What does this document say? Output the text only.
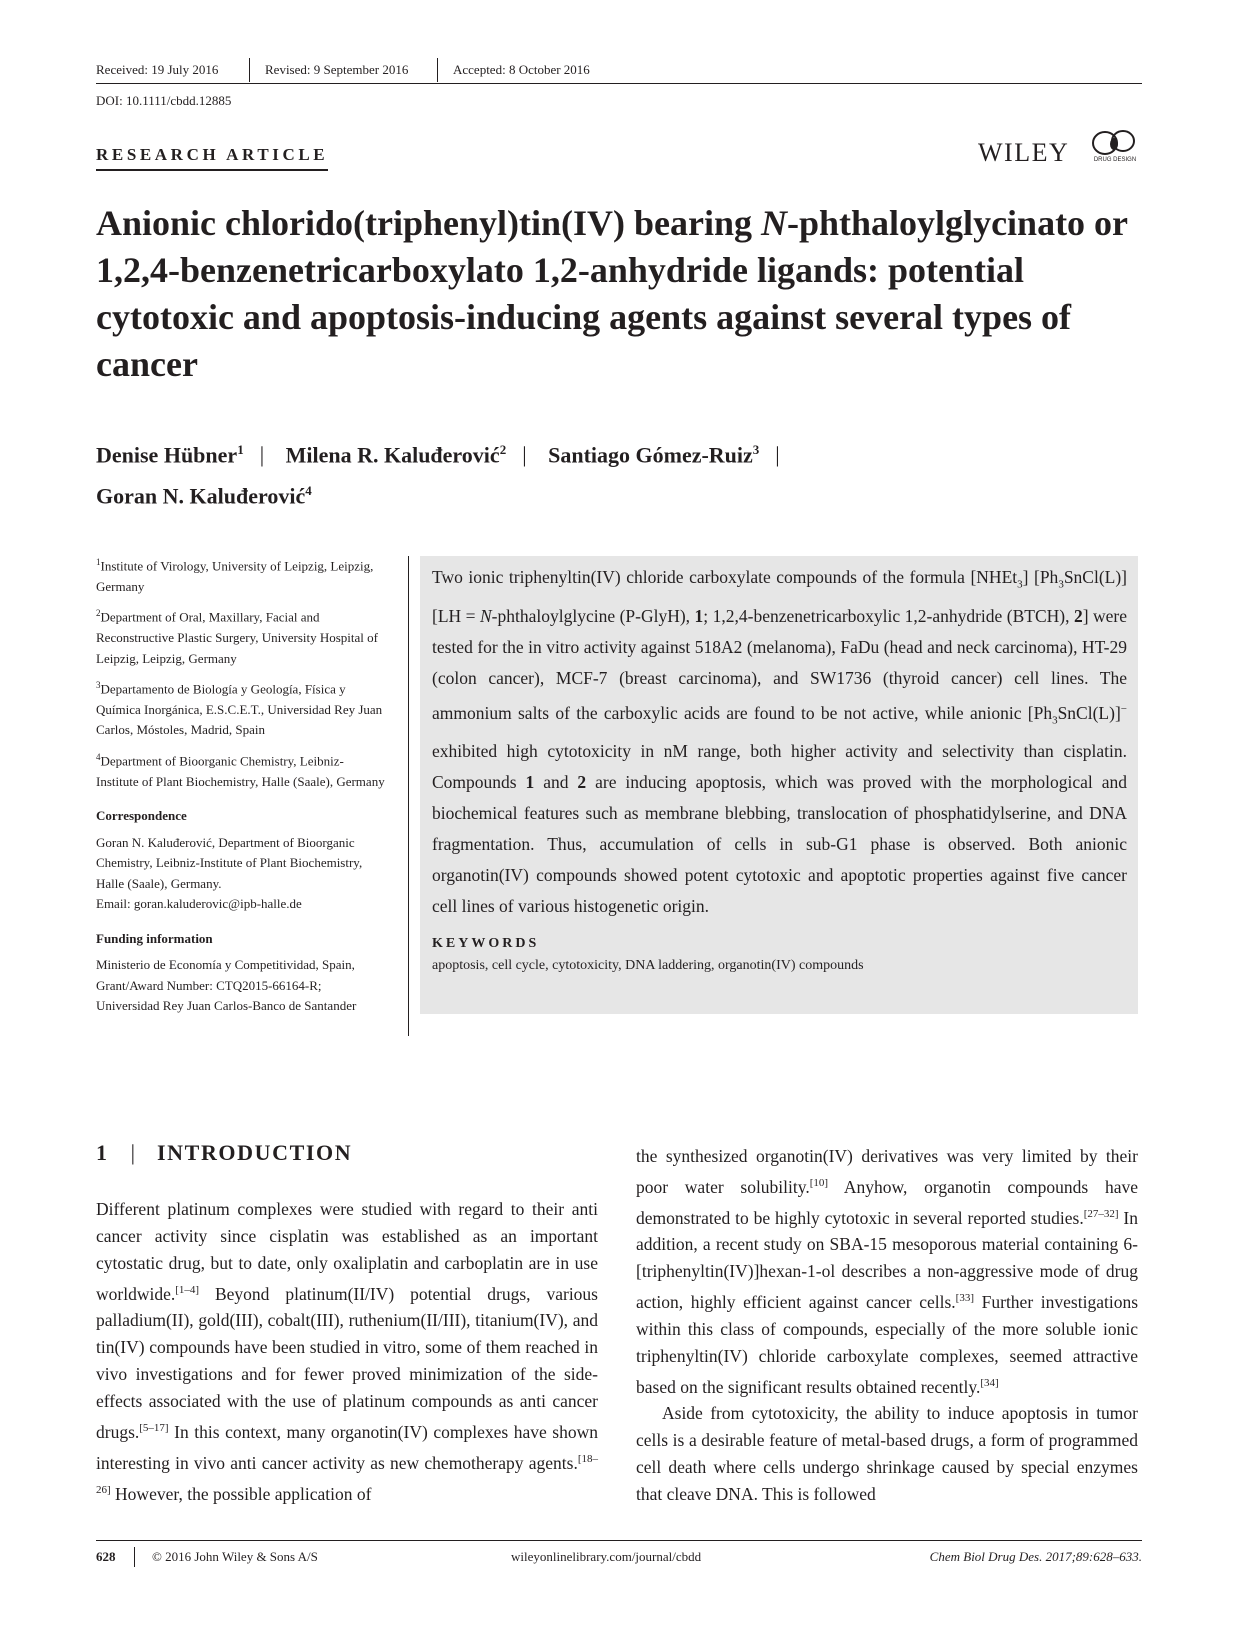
Received: 19 July 2016	Revised: 9 September 2016	Accepted: 8 October 2016
DOI: 10.1111/cbdd.12885
RESEARCH ARTICLE	WILEY	DRUG DESIGN
Anionic chlorido(triphenyl)tin(IV) bearing N-phthaloylglycinato or 1,2,4-benzenetricarboxylato 1,2-anhydride ligands: potential cytotoxic and apoptosis-inducing agents against several types of cancer
Denise Hübner$^1$ | Milena R. Kaluđerović$^2$ | Santiago Gómez-Ruiz$^3$ |
Goran N. Kaluđerović$^4$

$^1$Institute of Virology, University of Leipzig, Leipzig, Germany

$^2$Department of Oral, Maxillary, Facial and Reconstructive Plastic Surgery, University Hospital of Leipzig, Leipzig, Germany

$^3$Departamento de Biología y Geología, Física y Química Inorgánica, E.S.C.E.T., Universidad Rey Juan Carlos, Móstoles, Madrid, Spain

$^4$Department of Bioorganic Chemistry, Leibniz-Institute of Plant Biochemistry, Halle (Saale), Germany

Correspondence

Goran N. Kaluđerović, Department of Bioorganic Chemistry, Leibniz-Institute of Plant Biochemistry, Halle (Saale), Germany.

Email: goran.kaluderovic@ipb-halle.de

Funding information

Ministerio de Economía y Competitividad, Spain, Grant/Award Number: CTQ2015-66164-R; Universidad Rey Juan Carlos-Banco de Santander

Two ionic triphenyltin(IV) chloride carboxylate compounds of the formula [NHEt$_3$] $[Ph_3SnCl(L)] [LH$ = N-phthaloylglycine (P-GlyH), 1; 1,2,4-benzenetricarboxylic 1,2-anhydride (BTCH), 2] were tested for the in vitro activity against 518A2 (melanoma), FaDu (head and neck carcinoma), HT-29 (colon cancer), MCF-7 (breast carcinoma), and SW1736 (thyroid cancer) cell lines. The ammonium salts of the carboxylic acids are found to be not active, while anionic $[Ph_3SnCl(L)]^-$ exhibited high cytotoxicity in nM range, both higher activity and selectivity than cisplatin. Compounds 1 and 2 are inducing apoptosis, which was proved with the morphological and biochemical features such as membrane blebbing, translocation of phosphatidylserine, and DNA fragmentation. Thus, accumulation of cells in sub-G1 phase is observed. Both anionic organotin(IV) compounds showed potent cytotoxic and apoptotic properties against five cancer cell lines of various histogenetic origin.

KEYWORDS

apoptosis, cell cycle, cytotoxicity, DNA laddering, organotin(IV) compounds

1 | INTRODUCTION

Different platinum complexes were studied with regard to their anti cancer activity since cisplatin was established as an important cytostatic drug, but to date, only oxaliplatin and carboplatin are in use worldwide.[1–4] Beyond platinum(II/IV) potential drugs, various palladium(II), gold(III), cobalt(III), ruthenium(II/III), titanium(IV), and tin(IV) compounds have been studied in vitro, some of them reached in vivo investigations and for fewer proved minimization of the side-effects associated with the use of platinum compounds as anti cancer drugs.[5–17] In this context, many organotin(IV) complexes have shown interesting in vivo anti cancer activity as new chemotherapy agents.[18–26] However, the possible application of

the synthesized organotin(IV) derivatives was very limited by their poor water solubility.[10] Anyhow, organotin compounds have demonstrated to be highly cytotoxic in several reported studies.[27–32] In addition, a recent study on SBA-15 mesoporous material containing 6-[triphenyltin(IV)]hexan-1-ol describes a non-aggressive mode of drug action, highly efficient against cancer cells.[33] Further investigations within this class of compounds, especially of the more soluble ionic triphenyltin(IV) chloride carboxylate complexes, seemed attractive based on the significant results obtained recently.[34]

Aside from cytotoxicity, the ability to induce apoptosis in tumor cells is a desirable feature of metal-based drugs, a form of programmed cell death where cells undergo shrinkage caused by special enzymes that cleave DNA. This is followed

628	© 2016 John Wiley & Sons A/S	wileyonlinelibrary.com/journal/cbdd	Chem Biol Drug Des. 2017;89:628–633.
